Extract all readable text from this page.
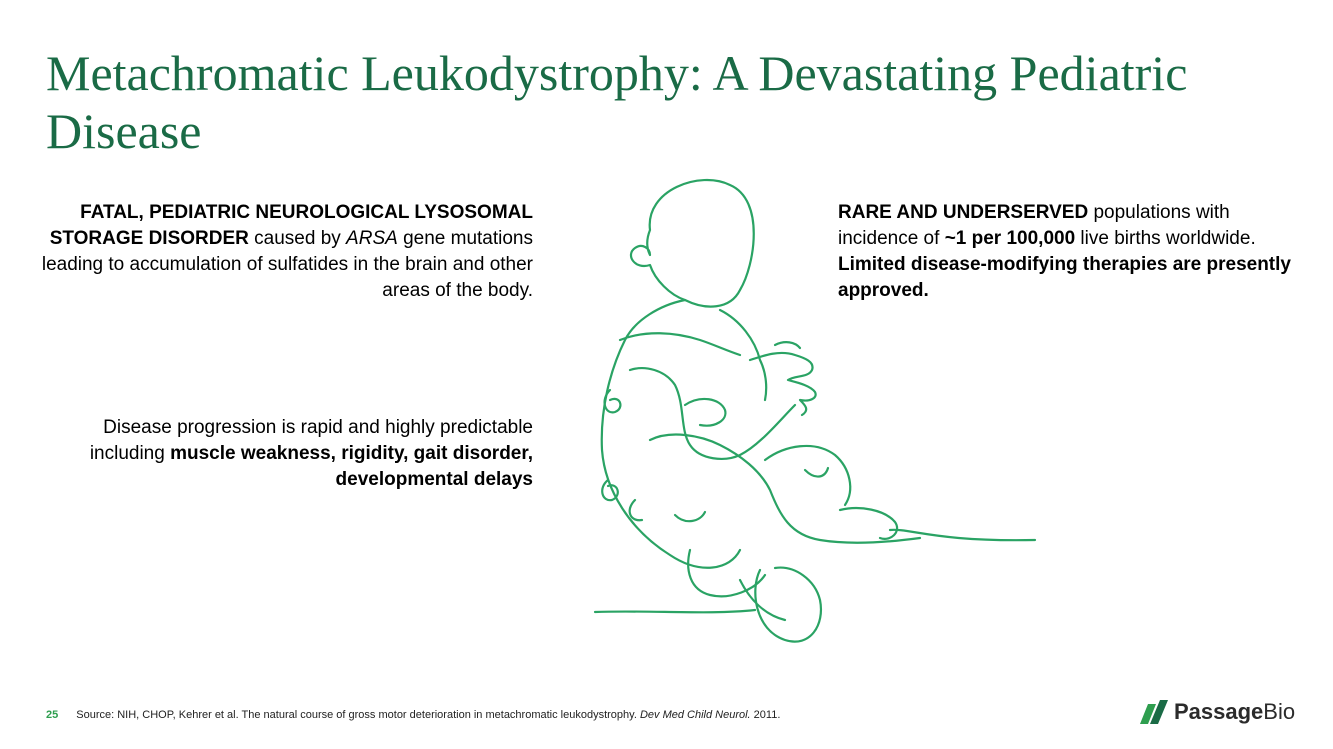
Metachromatic Leukodystrophy: A Devastating Pediatric Disease
FATAL, PEDIATRIC NEUROLOGICAL LYSOSOMAL STORAGE DISORDER caused by ARSA gene mutations leading to accumulation of sulfatides in the brain and other areas of the body.
Disease progression is rapid and highly predictable including muscle weakness, rigidity, gait disorder, developmental delays
RARE AND UNDERSERVED populations with incidence of ~1 per 100,000 live births worldwide. Limited disease-modifying therapies are presently approved.
25 Source: NIH, CHOP, Kehrer et al. The natural course of gross motor deterioration in metachromatic leukodystrophy. Dev Med Child Neurol. 2011.	PassageBio
